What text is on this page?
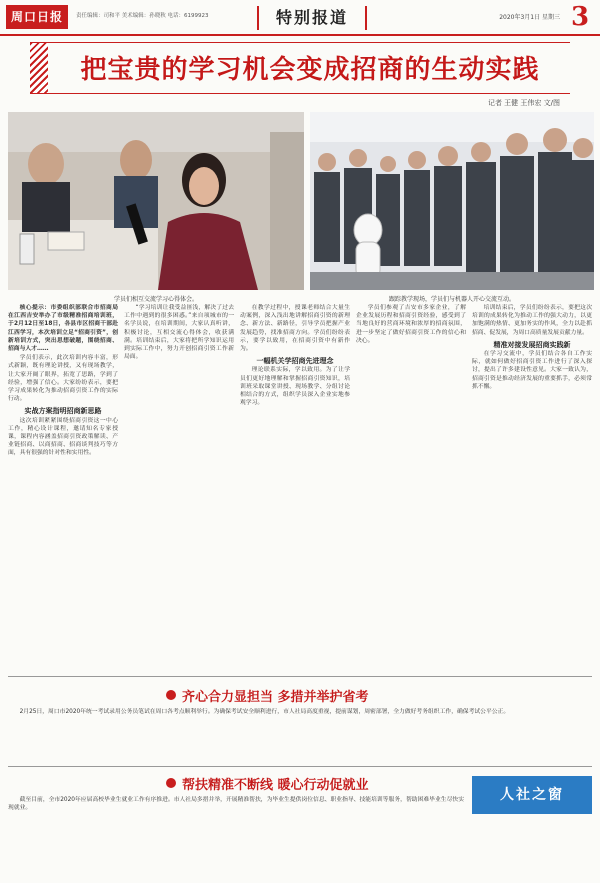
周口日报	责任编辑：司和平 美术编辑：孙晓秋 电话：6199923	特别报道	2020年3月1日 星期三 3
把宝贵的学习机会变成招商的生动实践
记者 王健 王伟宏 文/图
学员们相互交流学习心得体会。	跟踪教学现场，学员们与机器人开心交流互动。

核心提示：市委组织部联合市招商局在江西吉安举办了市级精准招商培训班，于2月12日至18日，各县市区招商干部赴江西学习，本次培训立足“招商引资”，创新培训方式，突出思想破题，围绕招商、招商与人才……

学员们表示，此次培训内容丰富，形式新颖，既有理论讲授，又有现场教学，让大家开阔了眼界，拓宽了思路，学到了经验，增强了信心。大家纷纷表示，要把学习成果转化为推动招商引资工作的实际行动。

实战方案指明招商新思路

这次培训紧紧围绕招商引资这一中心工作，精心设计课程，邀请知名专家授课，课程内容涵盖招商引资政策解读、产业链招商、以商招商、招商谈判技巧等方面，具有很强的针对性和实用性。

“学习培训让我受益匪浅，解决了过去工作中遇到的很多困惑。”来自项城市的一名学员说，在培训期间，大家认真听讲，积极讨论，互相交流心得体会，收获满满。培训结束后，大家将把所学知识运用到实际工作中，努力开创招商引资工作新局面。

在教学过程中，授课老师结合大量生动案例，深入浅出地讲解招商引资的新理念、新方法、新路径，引导学员把握产业发展趋势，找准招商方向。学员们纷纷表示，要学以致用，在招商引资中有新作为。

一幅机关学招商先进理念

理论联系实际，学以致用。为了让学员们更好地理解和掌握招商引资知识，培训班采取课堂讲授、现场教学、分组讨论相结合的方式，组织学员深入企业实地参观学习。

学员们参观了吉安市多家企业，了解企业发展历程和招商引资经验，感受到了当地良好的营商环境和浓厚的招商氛围，进一步坚定了做好招商引资工作的信心和决心。

培训结束后，学员们纷纷表示，要把这次培训的成果转化为推动工作的强大动力，以更加饱满的热情、更加务实的作风，全力以赴抓招商、促发展，为周口高质量发展贡献力量。

精准对接发展招商实践新

在学习交流中，学员们结合各自工作实际，就如何做好招商引资工作进行了深入探讨，提出了许多建设性意见。大家一致认为，招商引资是推动经济发展的重要抓手，必须常抓不懈。

齐心合力显担当 多措并举护省考

2月25日，周口市2020年统一考试录用公务员笔试在周口各考点顺利举行。为确保考试安全顺利进行，市人社局高度重视，提前谋划，周密部署，全力做好考务组织工作，确保考试公平公正。

帮扶精准不断线 暖心行动促就业

截至目前，全市2020年应届高校毕业生就业工作有序推进。市人社局多措并举，开展精准帮扶，为毕业生提供岗位信息、职业指导、技能培训等服务，帮助困难毕业生尽快实现就业。

人社之窗
